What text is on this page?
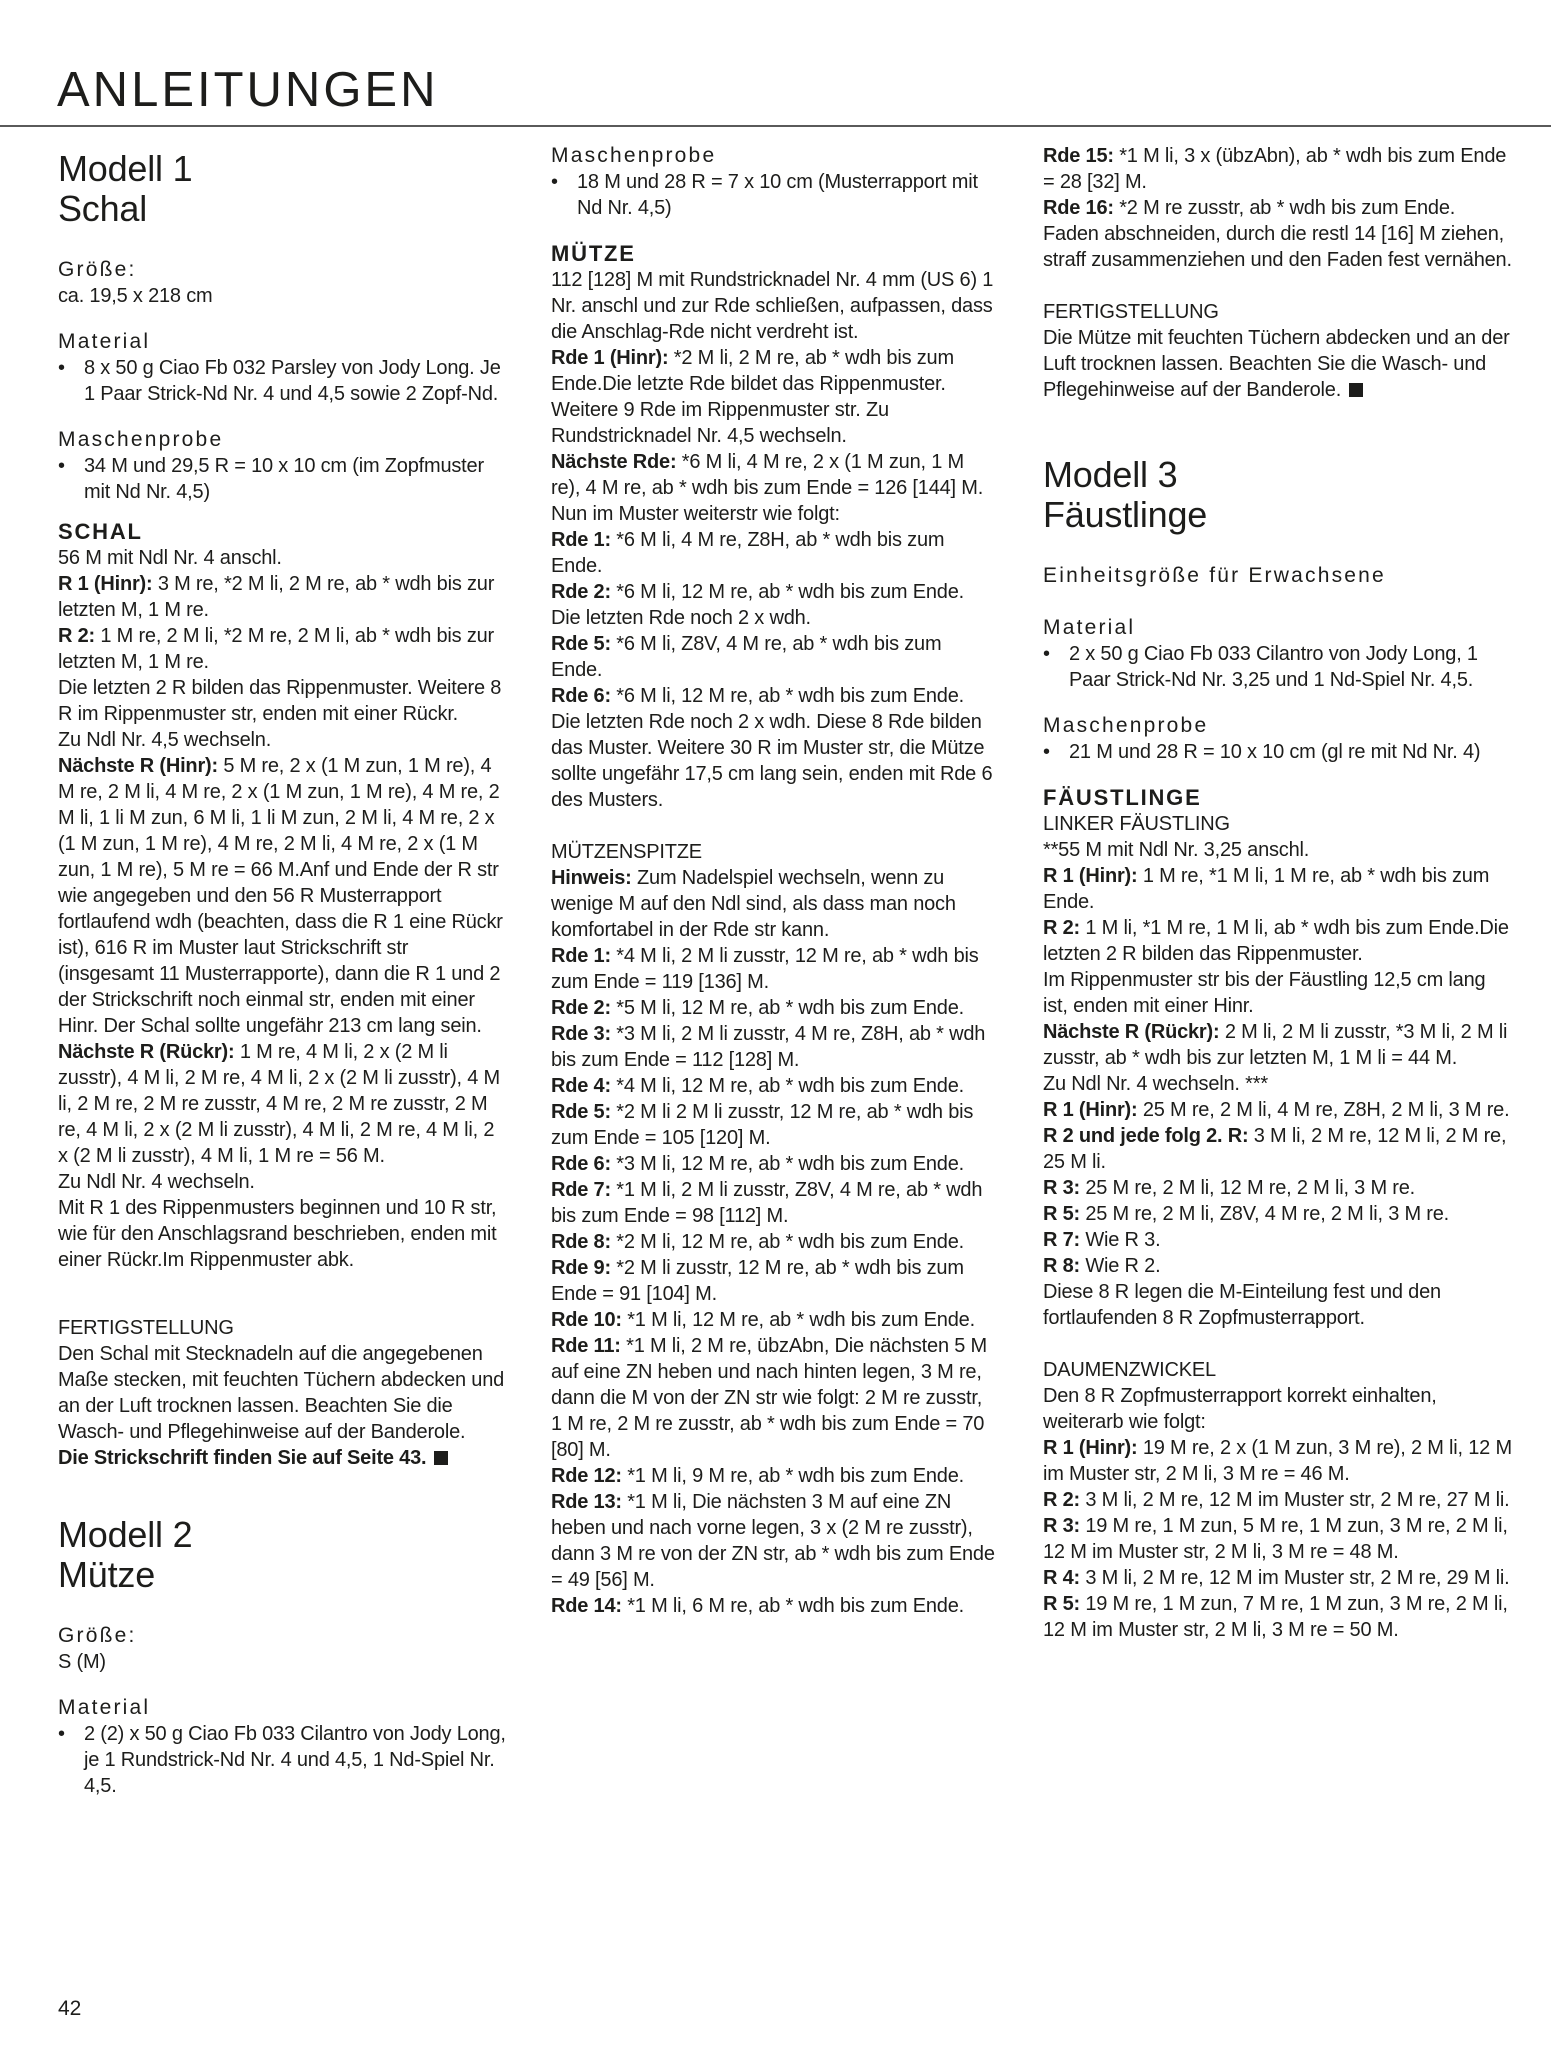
ANLEITUNGEN
Modell 1
Schal
Größe:
ca. 19,5 x 218 cm
Material
• 8 x 50 g Ciao Fb 032 Parsley von Jody Long. Je 1 Paar Strick-Nd Nr. 4 und 4,5 sowie 2 Zopf-Nd.
Maschenprobe
• 34 M und 29,5 R = 10 x 10 cm (im Zopfmuster mit Nd Nr. 4,5)
SCHAL

56 M mit Ndl Nr. 4 anschl.

R 1 (Hinr): 3 M re, *2 M li, 2 M re, ab * wdh bis zur letzten M, 1 M re.

R 2: 1 M re, 2 M li, *2 M re, 2 M li, ab * wdh bis zur letzten M, 1 M re.

Die letzten 2 R bilden das Rippenmuster. Weitere 8 R im Rippenmuster str, enden mit einer Rückr.

Zu Ndl Nr. 4,5 wechseln.

Nächste R (Hinr): 5 M re, 2 x (1 M zun, 1 M re), 4 M re, 2 M li, 4 M re, 2 x (1 M zun, 1 M re), 4 M re, 2 M li, 1 li M zun, 6 M li, 1 li M zun, 2 M li, 4 M re, 2 x (1 M zun, 1 M re), 4 M re, 2 M li, 4 M re, 2 x (1 M zun, 1 M re), 5 M re = 66 M.Anf und Ende der R str wie angegeben und den 56 R Musterrapport fortlaufend wdh (beachten, dass die R 1 eine Rückr ist), 616 R im Muster laut Strickschrift str (insgesamt 11 Musterrapporte), dann die R 1 und 2 der Strickschrift noch einmal str, enden mit einer Hinr. Der Schal sollte ungefähr 213 cm lang sein.

Nächste R (Rückr): 1 M re, 4 M li, 2 x (2 M li zusstr), 4 M li, 2 M re, 4 M li, 2 x (2 M li zusstr), 4 M li, 2 M re, 2 M re zusstr, 4 M re, 2 M re zusstr, 2 M re, 4 M li, 2 x (2 M li zusstr), 4 M li, 2 M re, 4 M li, 2 x (2 M li zusstr), 4 M li, 1 M re = 56 M.

Zu Ndl Nr. 4 wechseln.

Mit R 1 des Rippenmusters beginnen und 10 R str, wie für den Anschlagsrand beschrieben, enden mit einer Rückr.Im Rippenmuster abk.

FERTIGSTELLUNG

Den Schal mit Stecknadeln auf die angegebenen Maße stecken, mit feuchten Tüchern abdecken und an der Luft trocknen lassen. Beachten Sie die Wasch- und Pflegehinweise auf der Banderole.

Die Strickschrift finden Sie auf Seite 43.

Modell 2
Mütze
Größe:
S (M)
Material
• 2 (2) x 50 g Ciao Fb 033 Cilantro von Jody Long, je 1 Rundstrick-Nd Nr. 4 und 4,5, 1 Nd-Spiel Nr. 4,5.
Maschenprobe
• 18 M und 28 R = 7 x 10 cm (Musterrapport mit Nd Nr. 4,5)
MÜTZE

112 [128] M mit Rundstricknadel Nr. 4 mm (US 6) 1 Nr. anschl und zur Rde schließen, aufpassen, dass die Anschlag-Rde nicht verdreht ist.

Rde 1 (Hinr): *2 M li, 2 M re, ab * wdh bis zum Ende.Die letzte Rde bildet das Rippenmuster.

Weitere 9 Rde im Rippenmuster str. Zu Rundstricknadel Nr. 4,5 wechseln.

Nächste Rde: *6 M li, 4 M re, 2 x (1 M zun, 1 M re), 4 M re, ab * wdh bis zum Ende = 126 [144] M.

Nun im Muster weiterstr wie folgt:

Rde 1: *6 M li, 4 M re, Z8H, ab * wdh bis zum Ende.

Rde 2: *6 M li, 12 M re, ab * wdh bis zum Ende.

Die letzten Rde noch 2 x wdh.

Rde 5: *6 M li, Z8V, 4 M re, ab * wdh bis zum Ende.

Rde 6: *6 M li, 12 M re, ab * wdh bis zum Ende.

Die letzten Rde noch 2 x wdh. Diese 8 Rde bilden das Muster. Weitere 30 R im Muster str, die Mütze sollte ungefähr 17,5 cm lang sein, enden mit Rde 6 des Musters.

MÜTZENSPITZE

Hinweis: Zum Nadelspiel wechseln, wenn zu wenige M auf den Ndl sind, als dass man noch komfortabel in der Rde str kann.

Rde 1: *4 M li, 2 M li zusstr, 12 M re, ab * wdh bis zum Ende = 119 [136] M.

Rde 2: *5 M li, 12 M re, ab * wdh bis zum Ende.

Rde 3: *3 M li, 2 M li zusstr, 4 M re, Z8H, ab * wdh bis zum Ende = 112 [128] M.

Rde 4: *4 M li, 12 M re, ab * wdh bis zum Ende.

Rde 5: *2 M li 2 M li zusstr, 12 M re, ab * wdh bis zum Ende = 105 [120] M.

Rde 6: *3 M li, 12 M re, ab * wdh bis zum Ende.

Rde 7: *1 M li, 2 M li zusstr, Z8V, 4 M re, ab * wdh bis zum Ende = 98 [112] M.

Rde 8: *2 M li, 12 M re, ab * wdh bis zum Ende.

Rde 9: *2 M li zusstr, 12 M re, ab * wdh bis zum Ende = 91 [104] M.

Rde 10: *1 M li, 12 M re, ab * wdh bis zum Ende.

Rde 11: *1 M li, 2 M re, übzAbn, Die nächsten 5 M auf eine ZN heben und nach hinten legen, 3 M re, dann die M von der ZN str wie folgt: 2 M re zusstr, 1 M re, 2 M re zusstr, ab * wdh bis zum Ende = 70 [80] M.

Rde 12: *1 M li, 9 M re, ab * wdh bis zum Ende.

Rde 13: *1 M li, Die nächsten 3 M auf eine ZN heben und nach vorne legen, 3 x (2 M re zusstr), dann 3 M re von der ZN str, ab * wdh bis zum Ende = 49 [56] M.

Rde 14: *1 M li, 6 M re, ab * wdh bis zum Ende.

Rde 15: *1 M li, 3 x (übzAbn), ab * wdh bis zum Ende = 28 [32] M.

Rde 16: *2 M re zusstr, ab * wdh bis zum Ende. Faden abschneiden, durch die restl 14 [16] M ziehen, straff zusammenziehen und den Faden fest vernähen.

FERTIGSTELLUNG

Die Mütze mit feuchten Tüchern abdecken und an der Luft trocknen lassen. Beachten Sie die Wasch- und Pflegehinweise auf der Banderole.

Modell 3
Fäustlinge
Einheitsgröße für Erwachsene
Material
• 2 x 50 g Ciao Fb 033 Cilantro von Jody Long, 1 Paar Strick-Nd Nr. 3,25 und 1 Nd-Spiel Nr. 4,5.
Maschenprobe
• 21 M und 28 R = 10 x 10 cm (gl re mit Nd Nr. 4)
FÄUSTLINGE
LINKER FÄUSTLING

**55 M mit Ndl Nr. 3,25 anschl.

R 1 (Hinr): 1 M re, *1 M li, 1 M re, ab * wdh bis zum Ende.

R 2: 1 M li, *1 M re, 1 M li, ab * wdh bis zum Ende.Die letzten 2 R bilden das Rippenmuster.

Im Rippenmuster str bis der Fäustling 12,5 cm lang ist, enden mit einer Hinr.

Nächste R (Rückr): 2 M li, 2 M li zusstr, *3 M li, 2 M li zusstr, ab * wdh bis zur letzten M, 1 M li = 44 M.

Zu Ndl Nr. 4 wechseln. ***

R 1 (Hinr): 25 M re, 2 M li, 4 M re, Z8H, 2 M li, 3 M re.

R 2 und jede folg 2. R: 3 M li, 2 M re, 12 M li, 2 M re, 25 M li.

R 3: 25 M re, 2 M li, 12 M re, 2 M li, 3 M re.

R 5: 25 M re, 2 M li, Z8V, 4 M re, 2 M li, 3 M re.

R 7: Wie R 3.

R 8: Wie R 2.

Diese 8 R legen die M-Einteilung fest und den fortlaufenden 8 R Zopfmusterrapport.

DAUMENZWICKEL

Den 8 R Zopfmusterrapport korrekt einhalten, weiterarb wie folgt:

R 1 (Hinr): 19 M re, 2 x (1 M zun, 3 M re), 2 M li, 12 M im Muster str, 2 M li, 3 M re = 46 M.

R 2: 3 M li, 2 M re, 12 M im Muster str, 2 M re, 27 M li.

R 3: 19 M re, 1 M zun, 5 M re, 1 M zun, 3 M re, 2 M li, 12 M im Muster str, 2 M li, 3 M re = 48 M.

R 4: 3 M li, 2 M re, 12 M im Muster str, 2 M re, 29 M li.

R 5: 19 M re, 1 M zun, 7 M re, 1 M zun, 3 M re, 2 M li, 12 M im Muster str, 2 M li, 3 M re = 50 M.

42
